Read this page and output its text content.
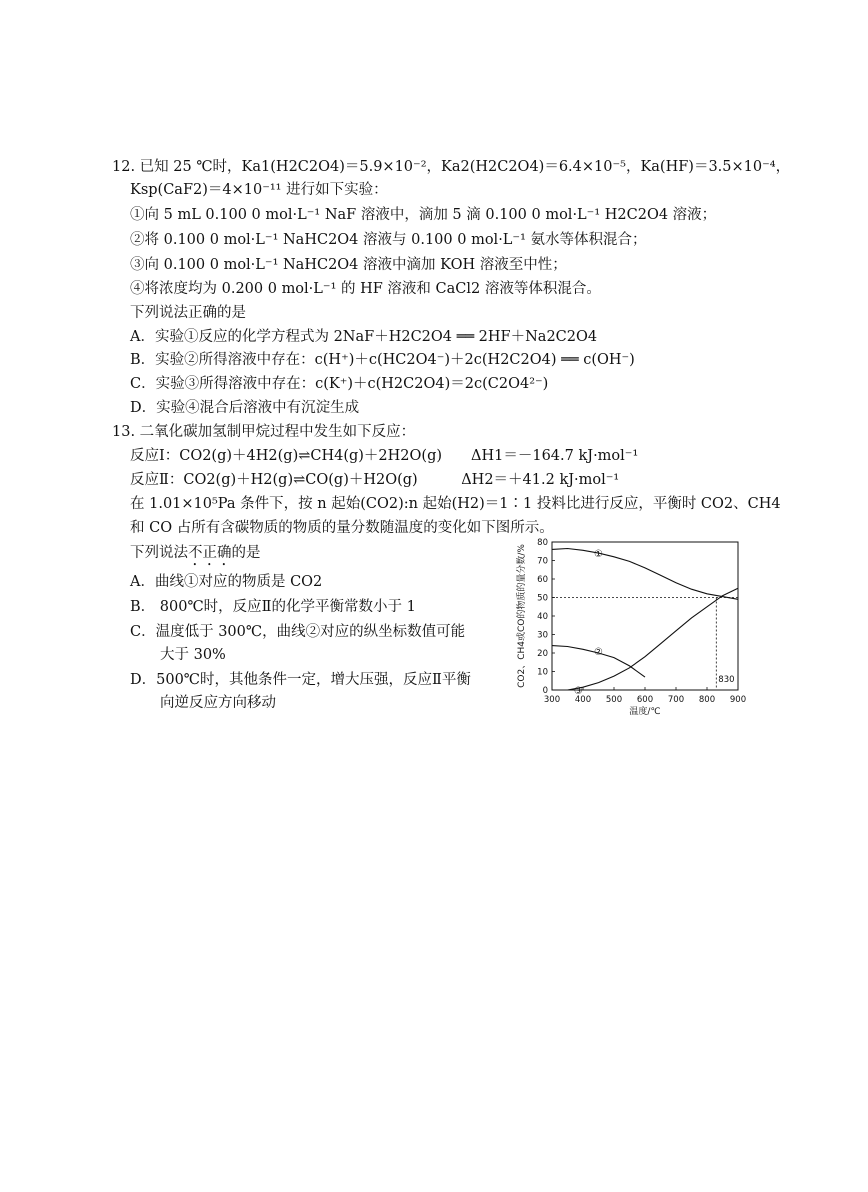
12. 已知 25 ℃时，Ka1(H2C2O4)＝5.9×10⁻²，Ka2(H2C2O4)＝6.4×10⁻⁵，Ka(HF)＝3.5×10⁻⁴，
Ksp(CaF2)＝4×10⁻¹¹ 进行如下实验：
①向 5 mL 0.100 0 mol·L⁻¹ NaF 溶液中，滴加 5 滴 0.100 0 mol·L⁻¹ H2C2O4 溶液；
②将 0.100 0 mol·L⁻¹ NaHC2O4 溶液与 0.100 0 mol·L⁻¹ 氨水等体积混合；
③向 0.100 0 mol·L⁻¹ NaHC2O4 溶液中滴加 KOH 溶液至中性；
④将浓度均为 0.200 0 mol·L⁻¹ 的 HF 溶液和 CaCl2 溶液等体积混合。
下列说法正确的是
A．实验①反应的化学方程式为 2NaF＋H2C2O4 ══ 2HF＋Na2C2O4
B．实验②所得溶液中存在：c(H⁺)＋c(HC2O4⁻)＋2c(H2C2O4) ══ c(OH⁻)
C．实验③所得溶液中存在：c(K⁺)＋c(H2C2O4)＝2c(C2O4²⁻)
D．实验④混合后溶液中有沉淀生成
13. 二氧化碳加氢制甲烷过程中发生如下反应：
反应Ⅰ：CO2(g)＋4H2(g)⇌CH4(g)＋2H2O(g)　　ΔH1＝－164.7 kJ·mol⁻¹
反应Ⅱ：CO2(g)＋H2(g)⇌CO(g)＋H2O(g)　　　ΔH2＝＋41.2 kJ·mol⁻¹
在 1.01×10⁵Pa 条件下，按 n 起始(CO2):n 起始(H2)＝1∶1 投料比进行反应，平衡时 CO2、CH4
和 CO 占所有含碳物质的物质的量分数随温度的变化如下图所示。
下列说法不正确的是
A．曲线①对应的物质是 CO2
B． 800℃时，反应Ⅱ的化学平衡常数小于 1
C．温度低于 300℃，曲线②对应的纵坐标数值可能
大于 30%
D．500℃时，其他条件一定，增大压强，反应Ⅱ平衡
向逆反应方向移动
0
10
20
30
40
50
60
70
80
300 400 500 600 700 800 900
温度/℃
CO2、CH4或CO的物质的量分数/%	830
①
②
③
